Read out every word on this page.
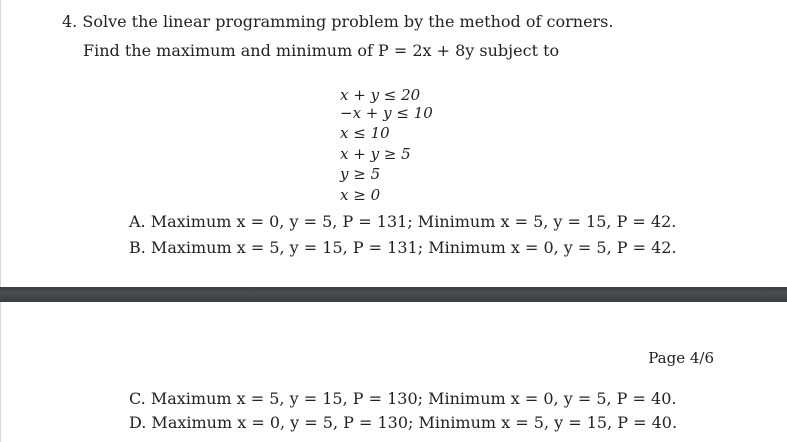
4. Solve the linear programming problem by the method of corners.
Find the maximum and minimum of P = 2x + 8y subject to
x + y ≤ 20
−x + y ≤ 10
x ≤ 10
x + y ≥ 5
y ≥ 5
x ≥ 0
A. Maximum x = 0, y = 5, P = 131; Minimum x = 5, y = 15, P = 42.
B. Maximum x = 5, y = 15, P = 131; Minimum x = 0, y = 5, P = 42.
Page 4/6
C. Maximum x = 5, y = 15, P = 130; Minimum x = 0, y = 5, P = 40.
D. Maximum x = 0, y = 5, P = 130; Minimum x = 5, y = 15, P = 40.
